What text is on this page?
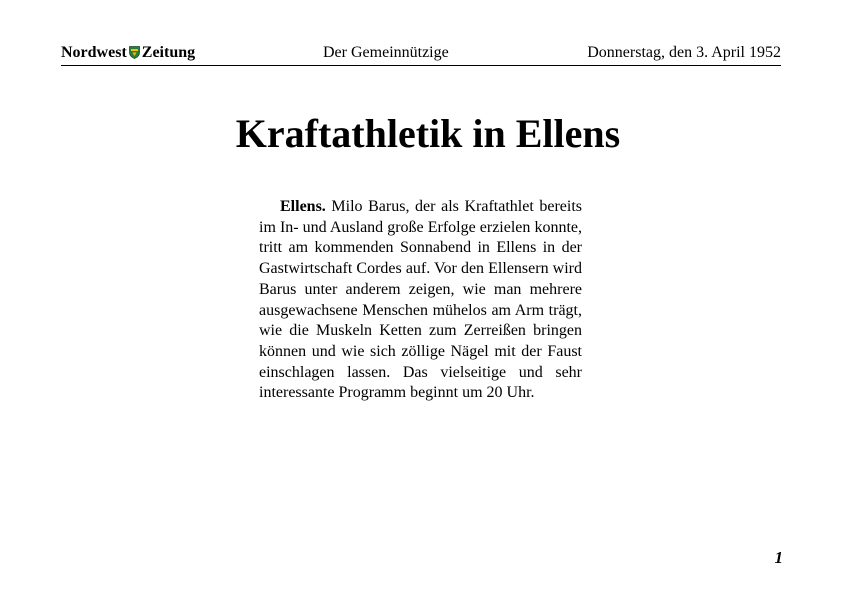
Nordwest Zeitung	Der Gemeinnützige	Donnerstag, den 3. April 1952
Kraftathletik in Ellens

Ellens. Milo Barus, der als Kraftathlet bereits im In- und Ausland große Erfolge erzielen konnte, tritt am kommenden Sonnabend in Ellens in der Gastwirtschaft Cordes auf. Vor den Ellensern wird Barus unter anderem zeigen, wie man mehrere ausgewachsene Menschen mühelos am Arm trägt, wie die Muskeln Ketten zum Zerreißen bringen können und wie sich zöllige Nägel mit der Faust einschlagen lassen. Das vielseitige und sehr interessante Programm beginnt um 20 Uhr.

1
